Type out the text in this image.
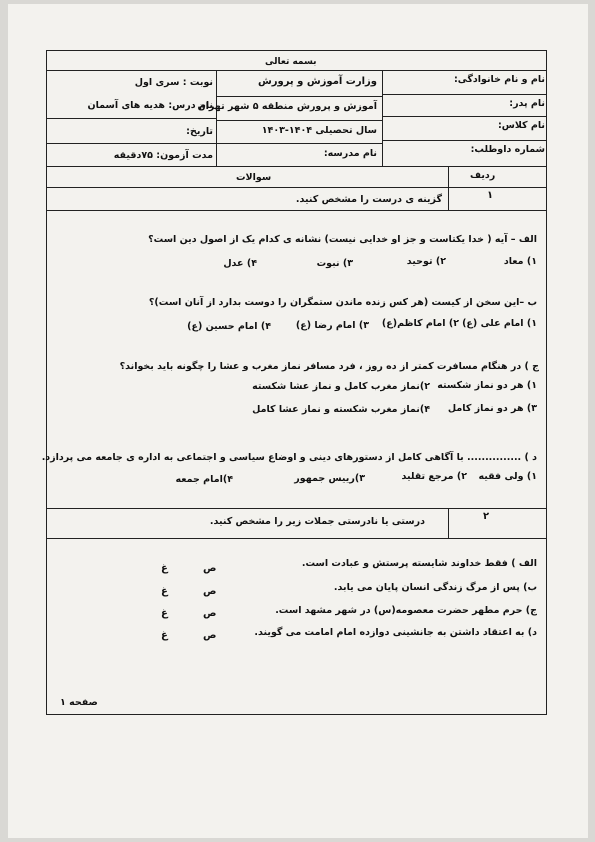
بسمه تعالی
نام و نام خانوادگی:
نام پدر:
نام کلاس:
شماره داوطلب:
وزارت آموزش و پرورش
آموزش و پرورش منطقه ۵ شهر تهران
سال تحصیلی ۱۴۰۴-۱۴۰۳
نام مدرسه:
نوبت : سری اول
نام درس: هدیه های آسمان
تاریخ:
مدت آزمون: ۷۵دقیقه
ردیف
سوالات
۱
گزینه ی درست را مشخص کنید.
الف – آیه ( خدا یکتاست و جز او خدایی نیست) نشانه ی کدام یک از اصول دین است؟
۱) معاد
۲) توحید
۳) نبوت
۴) عدل
ب –این سخن از کیست (هر کس زنده ماندن ستمگران را دوست بدارد از آنان است)؟
۱) امام علی (ع)
۲) امام کاظم(ع)
۳) امام رضا (ع)
۴) امام حسین (ع)
ج ) در هنگام مسافرت کمتر از ده روز ، فرد مسافر نماز مغرب و عشا را چگونه باید بخواند؟
۱) هر دو نماز شکسته
۲)نماز مغرب کامل و نماز عشا شکسته
۳) هر دو نماز کامل
۴)نماز مغرب شکسته و نماز عشا کامل
د ) ............... با آگاهی کامل از دستورهای دینی و اوضاع سیاسی و اجتماعی به اداره ی جامعه می پردازد.
۱) ولی فقیه
۲) مرجع تقلید
۳)رییس جمهور
۴)امام جمعه
۲
درستی یا نادرستی جملات زیر را مشخص کنید.
الف ) فقط خداوند شایسته پرستش و عبادت است.
ب) پس از مرگ زندگی انسان پایان می یابد.
ج) حرم مطهر حضرت معصومه(س) در شهر مشهد است.
د) به اعتقاد داشتن به جانشینی دوازده امام امامت می گویند.
ص
غ
ص
غ
ص
غ
ص
غ
صفحه ۱
